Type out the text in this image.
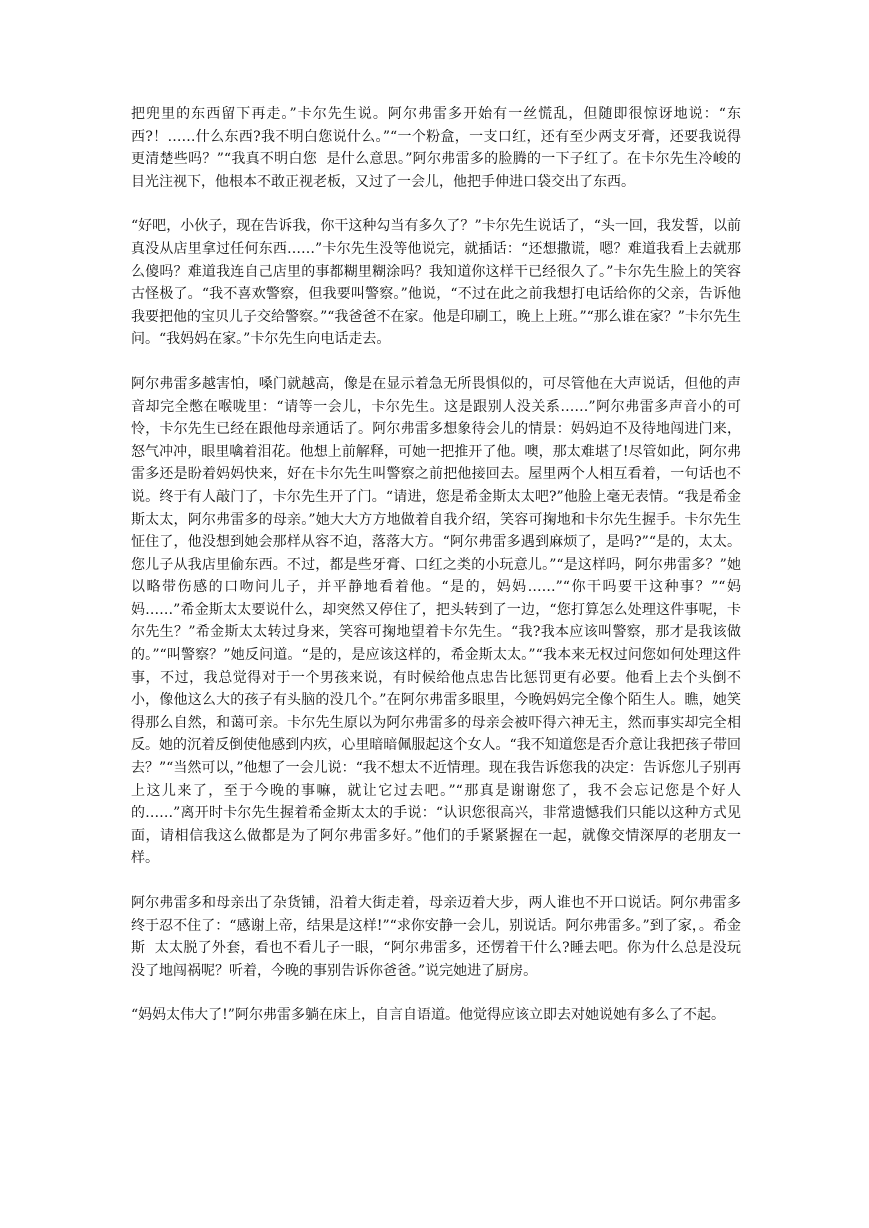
把兜里的东西留下再走。”卡尔先生说。阿尔弗雷多开始有一丝慌乱，但随即很惊讶地说：“东西?！……什么东西?我不明白您说什么。”“一个粉盒，一支口红，还有至少两支牙膏，还要我说得更清楚些吗？”“我真不明白您  是什么意思。”阿尔弗雷多的脸腾的一下子红了。在卡尔先生冷峻的目光注视下，他根本不敢正视老板，又过了一会儿，他把手伸进口袋交出了东西。

“好吧，小伙子，现在告诉我，你干这种勾当有多久了？”卡尔先生说话了，“头一回，我发誓，以前真没从店里拿过任何东西……”卡尔先生没等他说完，就插话：“还想撒谎，嗯？难道我看上去就那么傻吗？难道我连自己店里的事都糊里糊涂吗？我知道你这样干已经很久了。”卡尔先生脸上的笑容古怪极了。“我不喜欢警察，但我要叫警察。”他说，“不过在此之前我想打电话给你的父亲，告诉他我要把他的宝贝儿子交给警察。”“我爸爸不在家。他是印刷工，晚上上班。”“那么谁在家？”卡尔先生问。“我妈妈在家。”卡尔先生向电话走去。

阿尔弗雷多越害怕，嗓门就越高，像是在显示着急无所畏惧似的，可尽管他在大声说话，但他的声音却完全憋在喉咙里：“请等一会儿，卡尔先生。这是跟别人没关系……”阿尔弗雷多声音小的可怜，卡尔先生已经在跟他母亲通话了。阿尔弗雷多想象待会儿的情景：妈妈迫不及待地闯进门来，怒气冲冲，眼里噙着泪花。他想上前解释，可她一把推开了他。噢，那太难堪了!尽管如此，阿尔弗雷多还是盼着妈妈快来，好在卡尔先生叫警察之前把他接回去。屋里两个人相互看着，一句话也不说。终于有人敲门了，卡尔先生开了门。“请进，您是希金斯太太吧?”他脸上毫无表情。“我是希金斯太太，阿尔弗雷多的母亲。”她大大方方地做着自我介绍，笑容可掬地和卡尔先生握手。卡尔先生怔住了，他没想到她会那样从容不迫，落落大方。“阿尔弗雷多遇到麻烦了，是吗?”“是的，太太。您儿子从我店里偷东西。不过，都是些牙膏、口红之类的小玩意儿。”“是这样吗，阿尔弗雷多？”她以略带伤感的口吻问儿子，并平静地看着他。“是的，妈妈……”“你干吗要干这种事？”“妈妈……”希金斯太太要说什么，却突然又停住了，把头转到了一边，“您打算怎么处理这件事呢，卡尔先生？”希金斯太太转过身来，笑容可掬地望着卡尔先生。“我?我本应该叫警察，那才是我该做的。”“叫警察？”她反问道。“是的，是应该这样的，希金斯太太。”“我本来无权过问您如何处理这件事，不过，我总觉得对于一个男孩来说，有时候给他点忠告比惩罚更有必要。他看上去个头倒不小，像他这么大的孩子有头脑的没几个。”在阿尔弗雷多眼里，今晚妈妈完全像个陌生人。瞧，她笑得那么自然，和蔼可亲。卡尔先生原以为阿尔弗雷多的母亲会被吓得六神无主，然而事实却完全相反。她的沉着反倒使他感到内疚，心里暗暗佩服起这个女人。“我不知道您是否介意让我把孩子带回去？”“当然可以，”他想了一会儿说：“我不想太不近情理。现在我告诉您我的决定：告诉您儿子别再上这儿来了，至于今晚的事嘛，就让它过去吧。”“那真是谢谢您了，我不会忘记您是个好人的……”离开时卡尔先生握着希金斯太太的手说：“认识您很高兴，非常遗憾我们只能以这种方式见面，请相信我这么做都是为了阿尔弗雷多好。”他们的手紧紧握在一起，就像交情深厚的老朋友一样。

阿尔弗雷多和母亲出了杂货铺，沿着大街走着，母亲迈着大步，两人谁也不开口说话。阿尔弗雷多终于忍不住了：“感谢上帝，结果是这样!”“求你安静一会儿，别说话。阿尔弗雷多。”到了家，。希金斯  太太脱了外套，看也不看儿子一眼，“阿尔弗雷多，还愣着干什么?睡去吧。你为什么总是没玩没了地闯祸呢？听着，今晚的事别告诉你爸爸。”说完她进了厨房。

“妈妈太伟大了!”阿尔弗雷多躺在床上，自言自语道。他觉得应该立即去对她说她有多么了不起。
